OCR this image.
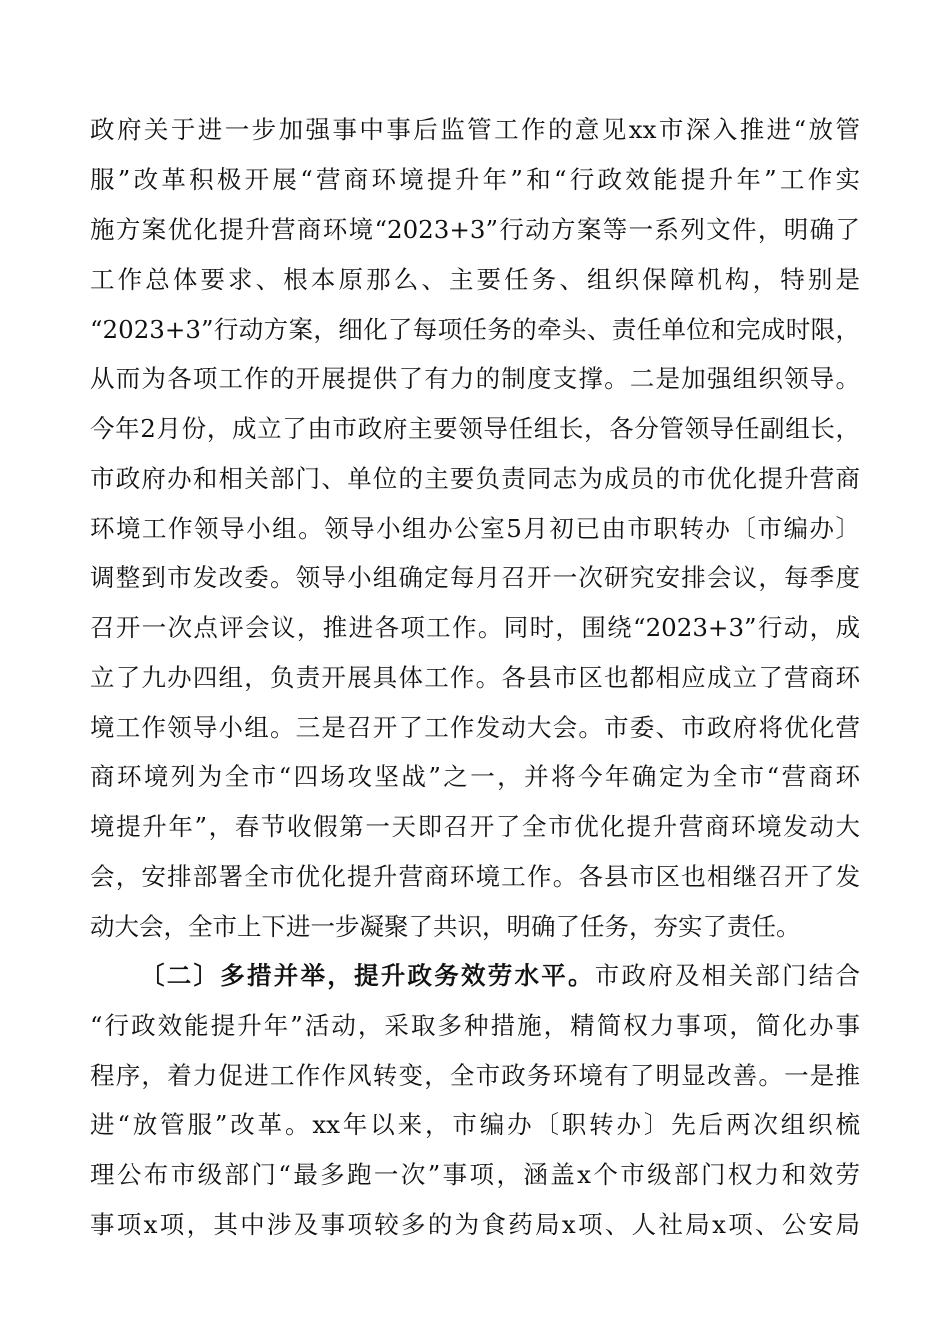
政府关于进一步加强事中事后监管工作的意见xx市深入推进“放管
服”改革积极开展“营商环境提升年”和“行政效能提升年”工作实
施方案优化提升营商环境“2023+3”行动方案等一系列文件，明确了
工作总体要求、根本原那么、主要任务、组织保障机构，特别是
“2023+3”行动方案，细化了每项任务的牵头、责任单位和完成时限，
从而为各项工作的开展提供了有力的制度支撑。二是加强组织领导。
今年2月份，成立了由市政府主要领导任组长，各分管领导任副组长，
市政府办和相关部门、单位的主要负责同志为成员的市优化提升营商
环境工作领导小组。领导小组办公室5月初已由市职转办〔市编办〕
调整到市发改委。领导小组确定每月召开一次研究安排会议，每季度
召开一次点评会议，推进各项工作。同时，围绕“2023+3”行动，成
立了九办四组，负责开展具体工作。各县市区也都相应成立了营商环
境工作领导小组。三是召开了工作发动大会。市委、市政府将优化营
商环境列为全市“四场攻坚战”之一，并将今年确定为全市“营商环
境提升年”，春节收假第一天即召开了全市优化提升营商环境发动大
会，安排部署全市优化提升营商环境工作。各县市区也相继召开了发
动大会，全市上下进一步凝聚了共识，明确了任务，夯实了责任。
〔二〕多措并举，提升政务效劳水平。市政府及相关部门结合
“行政效能提升年”活动，采取多种措施，精简权力事项，简化办事
程序，着力促进工作作风转变，全市政务环境有了明显改善。一是推
进“放管服”改革。xx年以来，市编办〔职转办〕先后两次组织梳
理公布市级部门“最多跑一次”事项，涵盖x个市级部门权力和效劳
事项x项，其中涉及事项较多的为食药局x项、人社局x项、公安局
